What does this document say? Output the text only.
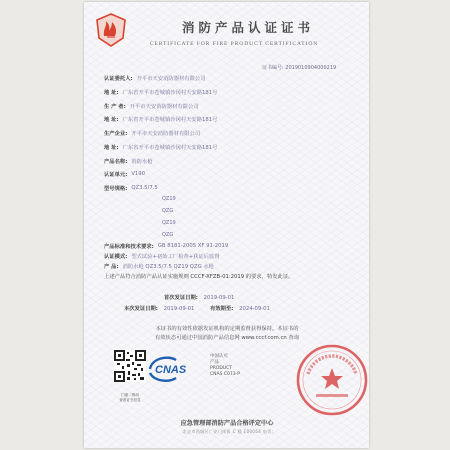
消防产品认证证书
CERTIFICATE FOR FIRE PRODUCT CERTIFICATION
证书编号: 2019010904000219
认证委托人: 开平市天安消防器材有限公司
地 址: 广东省开平市苍城镇沙冈村天安路181号
生 产 者: 开平市天安消防器材有限公司
地 址: 广东省开平市苍城镇沙冈村天安路181号
生产企业: 开平市天安消防器材有限公司
地 址: 广东省开平市苍城镇沙冈村天安路181号
产品名称: 消防水枪
认证单元: V190
型号规格: QZ3.5/7.5
QZ19
QZG
QZ19
QZG
产品标准和技术要求: GB 8181-2005 XF 91-2019
认证模式: 型式试验+初始工厂检查+获证后监督
产 品: 消防水枪 QZ3.5/7.5 QZ19 QZG 水枪
上述产品符合消防产品认证实施规则 CCCF-XFZB-01:2019 的要求，特发此证。
首次发证日期: 2019-09-01
本次发证日期: 2019-09-01	有效期至: 2024-09-01
本证书的有效性依据发证机构的定期监督获得保持。本证书的
有效状态可通过中国消防产品信息网 www.cccf.com.cn 查询
扫描二维码
查看证书信息
CNAS
中国认可
产品
PRODUCT
CNAS C073-P
应急管理部消防产品合格评定中心
北京市西城区广安门南街 C 楼 100054 电话:
